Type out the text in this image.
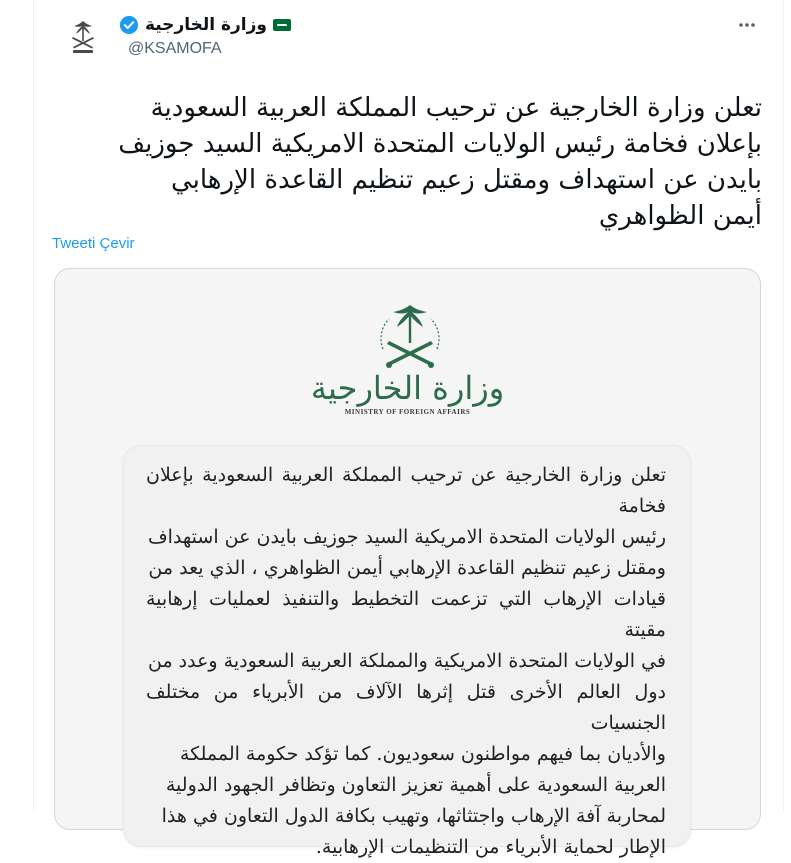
وزارة الخارجية
@KSAMOFA
تعلن وزارة الخارجية عن ترحيب المملكة العربية السعودية
بإعلان فخامة رئيس الولايات المتحدة الامريكية السيد جوزيف
بايدن عن استهداف ومقتل زعيم تنظيم القاعدة الإرهابي
أيمن الظواهري
Tweeti Çevir
وزارة الخارجية
MINISTRY OF FOREIGN AFFAIRS
تعلن وزارة الخارجية عن ترحيب المملكة العربية السعودية بإعلان فخامة
رئيس الولايات المتحدة الامريكية السيد جوزيف بايدن عن استهداف
ومقتل زعيم تنظيم القاعدة الإرهابي أيمن الظواهري ، الذي يعد من
قيادات الإرهاب التي تزعمت التخطيط والتنفيذ لعمليات إرهابية مقيتة
في الولايات المتحدة الامريكية والمملكة العربية السعودية وعدد من
دول العالم الأخرى قتل إثرها الآلاف من الأبرياء من مختلف الجنسيات
والأديان بما فيهم مواطنون سعوديون. كما تؤكد حكومة المملكة
العربية السعودية على أهمية تعزيز التعاون وتظافر الجهود الدولية
لمحاربة آفة الإرهاب واجتثاثها، وتهيب بكافة الدول التعاون في هذا
الإطار لحماية الأبرياء من التنظيمات الإرهابية.
